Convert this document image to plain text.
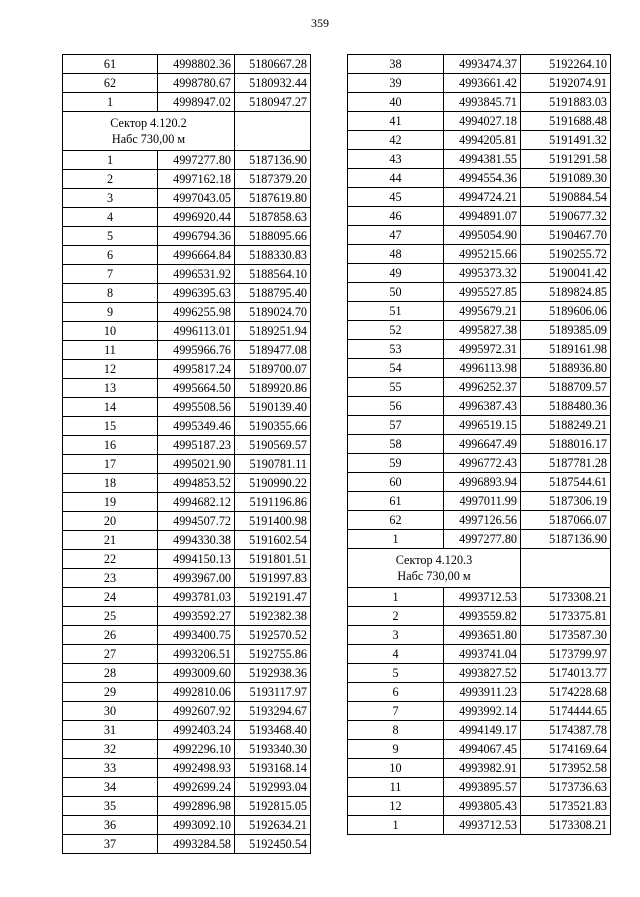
359
61	4998802.36	5180667.28
62	4998780.67	5180932.44
1	4998947.02	5180947.27

Сектор 4.120.2
Набс 730,00 м		

1	4997277.80	5187136.90
2	4997162.18	5187379.20
3	4997043.05	5187619.80
4	4996920.44	5187858.63
5	4996794.36	5188095.66
6	4996664.84	5188330.83
7	4996531.92	5188564.10
8	4996395.63	5188795.40
9	4996255.98	5189024.70
10	4996113.01	5189251.94
11	4995966.76	5189477.08
12	4995817.24	5189700.07
13	4995664.50	5189920.86
14	4995508.56	5190139.40
15	4995349.46	5190355.66
16	4995187.23	5190569.57
17	4995021.90	5190781.11
18	4994853.52	5190990.22
19	4994682.12	5191196.86
20	4994507.72	5191400.98
21	4994330.38	5191602.54
22	4994150.13	5191801.51
23	4993967.00	5191997.83
24	4993781.03	5192191.47
25	4993592.27	5192382.38
26	4993400.75	5192570.52
27	4993206.51	5192755.86
28	4993009.60	5192938.36
29	4992810.06	5193117.97
30	4992607.92	5193294.67
31	4992403.24	5193468.40
32	4992296.10	5193340.30
33	4992498.93	5193168.14
34	4992699.24	5192993.04
35	4992896.98	5192815.05
36	4993092.10	5192634.21
37	4993284.58	5192450.54
38	4993474.37	5192264.10
39	4993661.42	5192074.91
40	4993845.71	5191883.03
41	4994027.18	5191688.48
42	4994205.81	5191491.32
43	4994381.55	5191291.58
44	4994554.36	5191089.30
45	4994724.21	5190884.54
46	4994891.07	5190677.32
47	4995054.90	5190467.70
48	4995215.66	5190255.72
49	4995373.32	5190041.42
50	4995527.85	5189824.85
51	4995679.21	5189606.06
52	4995827.38	5189385.09
53	4995972.31	5189161.98
54	4996113.98	5188936.80
55	4996252.37	5188709.57
56	4996387.43	5188480.36
57	4996519.15	5188249.21
58	4996647.49	5188016.17
59	4996772.43	5187781.28
60	4996893.94	5187544.61
61	4997011.99	5187306.19
62	4997126.56	5187066.07
1	4997277.80	5187136.90

Сектор 4.120.3
Набс 730,00 м		

1	4993712.53	5173308.21
2	4993559.82	5173375.81
3	4993651.80	5173587.30
4	4993741.04	5173799.97
5	4993827.52	5174013.77
6	4993911.23	5174228.68
7	4993992.14	5174444.65
8	4994149.17	5174387.78
9	4994067.45	5174169.64
10	4993982.91	5173952.58
11	4993895.57	5173736.63
12	4993805.43	5173521.83
1	4993712.53	5173308.21
